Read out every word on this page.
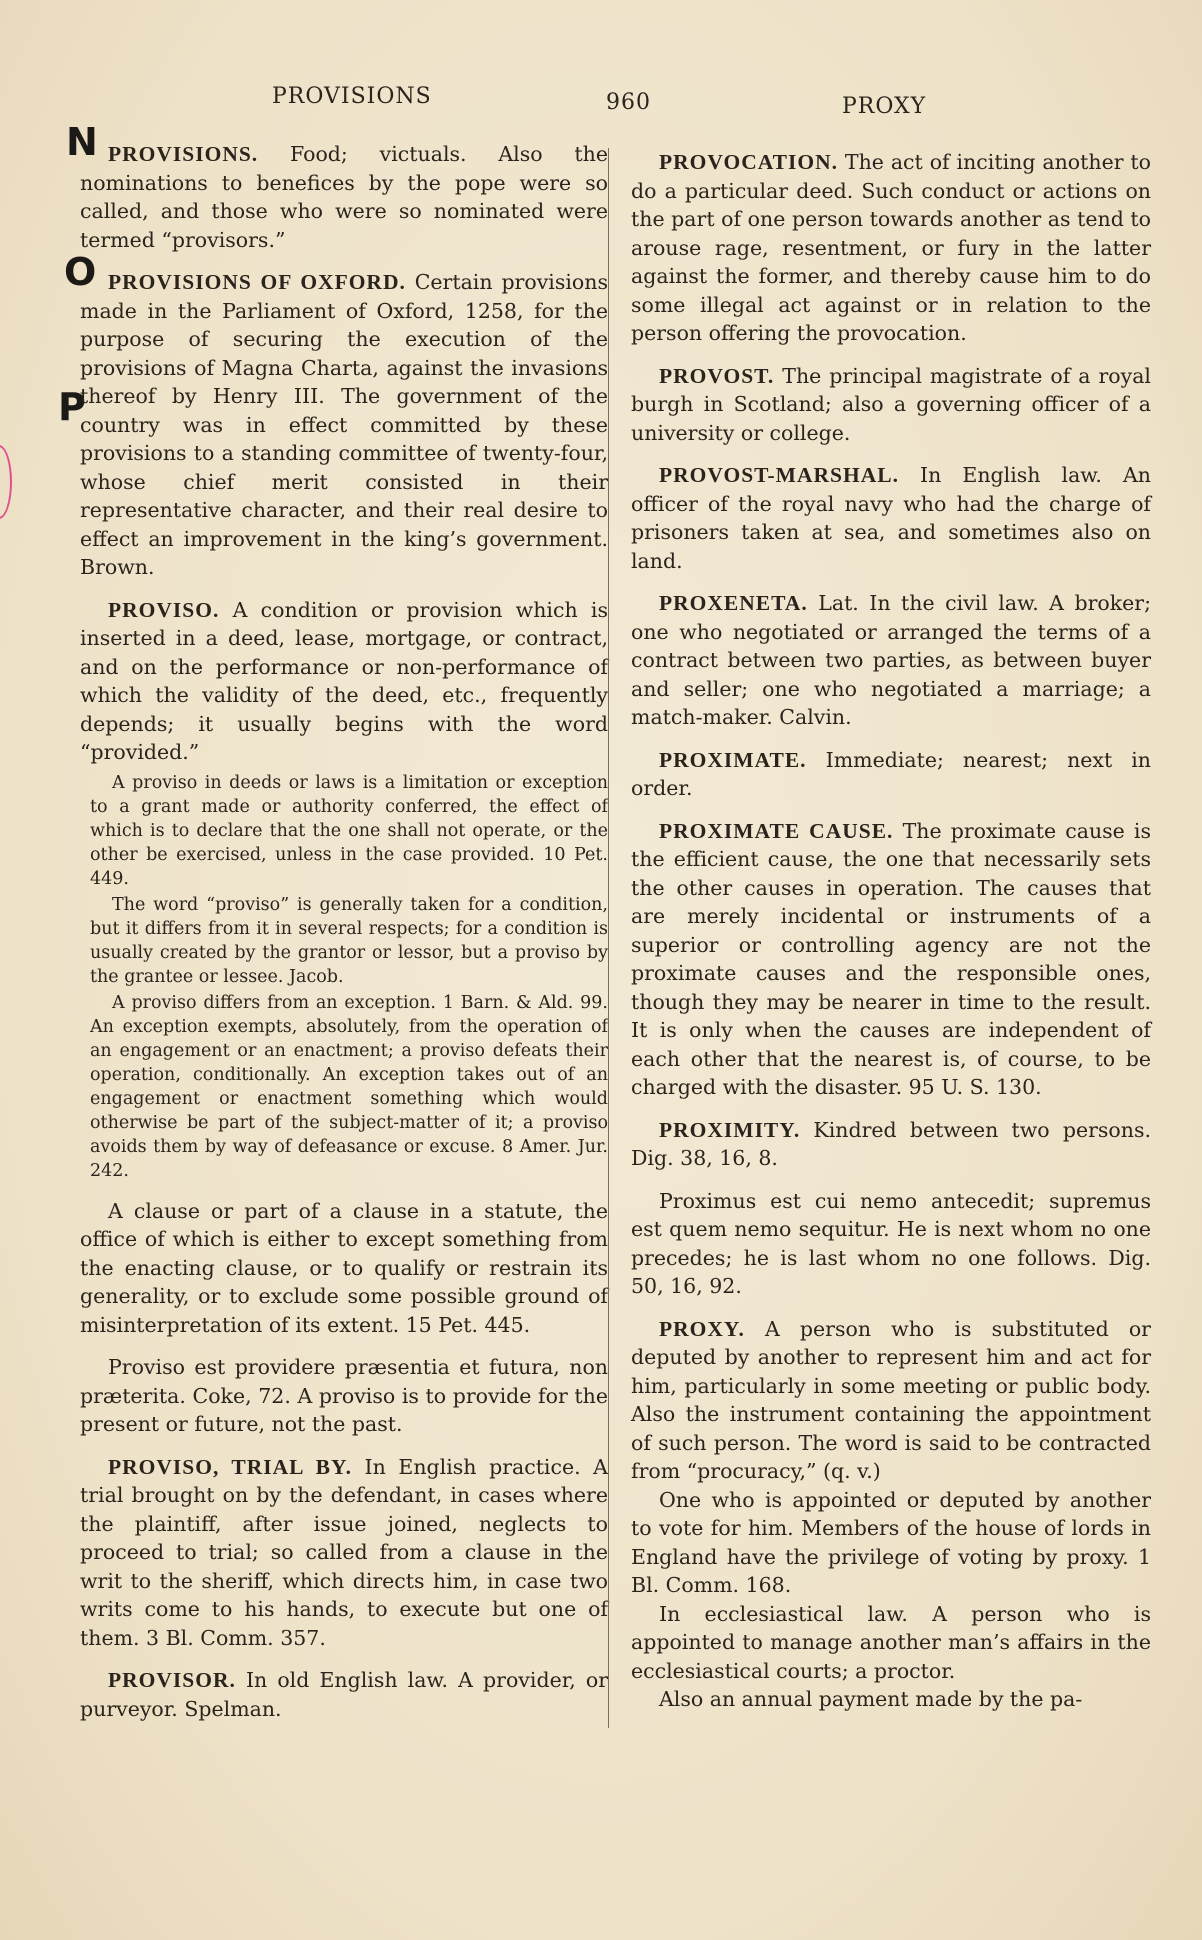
PROVISIONS	960	PROXY
N
O
P

PROVISIONS. Food; victuals. Also the nominations to benefices by the pope were so called, and those who were so nominated were termed “provisors.”

PROVISIONS OF OXFORD. Certain provisions made in the Parliament of Oxford, 1258, for the purpose of securing the execution of the provisions of Magna Charta, against the invasions thereof by Henry III. The government of the country was in effect committed by these provisions to a standing committee of twenty-four, whose chief merit consisted in their representative character, and their real desire to effect an improvement in the king’s government. Brown.

PROVISO. A condition or provision which is inserted in a deed, lease, mortgage, or contract, and on the performance or non-performance of which the validity of the deed, etc., frequently depends; it usually begins with the word “provided.”

A proviso in deeds or laws is a limitation or exception to a grant made or authority conferred, the effect of which is to declare that the one shall not operate, or the other be exercised, unless in the case provided. 10 Pet. 449.

The word “proviso” is generally taken for a condition, but it differs from it in several respects; for a condition is usually created by the grantor or lessor, but a proviso by the grantee or lessee. Jacob.

A proviso differs from an exception. 1 Barn. & Ald. 99. An exception exempts, absolutely, from the operation of an engagement or an enactment; a proviso defeats their operation, conditionally. An exception takes out of an engagement or enactment something which would otherwise be part of the subject-matter of it; a proviso avoids them by way of defeasance or excuse. 8 Amer. Jur. 242.

A clause or part of a clause in a statute, the office of which is either to except something from the enacting clause, or to qualify or restrain its generality, or to exclude some possible ground of misinterpretation of its extent. 15 Pet. 445.

Proviso est providere præsentia et futura, non præterita. Coke, 72. A proviso is to provide for the present or future, not the past.

PROVISO, TRIAL BY. In English practice. A trial brought on by the defendant, in cases where the plaintiff, after issue joined, neglects to proceed to trial; so called from a clause in the writ to the sheriff, which directs him, in case two writs come to his hands, to execute but one of them. 3 Bl. Comm. 357.

PROVISOR. In old English law. A provider, or purveyor. Spelman.

PROVOCATION. The act of inciting another to do a particular deed. Such conduct or actions on the part of one person towards another as tend to arouse rage, resentment, or fury in the latter against the former, and thereby cause him to do some illegal act against or in relation to the person offering the provocation.

PROVOST. The principal magistrate of a royal burgh in Scotland; also a governing officer of a university or college.

PROVOST-MARSHAL. In English law. An officer of the royal navy who had the charge of prisoners taken at sea, and sometimes also on land.

PROXENETA. Lat. In the civil law. A broker; one who negotiated or arranged the terms of a contract between two parties, as between buyer and seller; one who negotiated a marriage; a match-maker. Calvin.

PROXIMATE. Immediate; nearest; next in order.

PROXIMATE CAUSE. The proximate cause is the efficient cause, the one that necessarily sets the other causes in operation. The causes that are merely incidental or instruments of a superior or controlling agency are not the proximate causes and the responsible ones, though they may be nearer in time to the result. It is only when the causes are independent of each other that the nearest is, of course, to be charged with the disaster. 95 U. S. 130.

PROXIMITY. Kindred between two persons. Dig. 38, 16, 8.

Proximus est cui nemo antecedit; supremus est quem nemo sequitur. He is next whom no one precedes; he is last whom no one follows. Dig. 50, 16, 92.

PROXY. A person who is substituted or deputed by another to represent him and act for him, particularly in some meeting or public body. Also the instrument containing the appointment of such person. The word is said to be contracted from “procuracy,” (q. v.)

One who is appointed or deputed by another to vote for him. Members of the house of lords in England have the privilege of voting by proxy. 1 Bl. Comm. 168.

In ecclesiastical law. A person who is appointed to manage another man’s affairs in the ecclesiastical courts; a proctor.

Also an annual payment made by the pa-
